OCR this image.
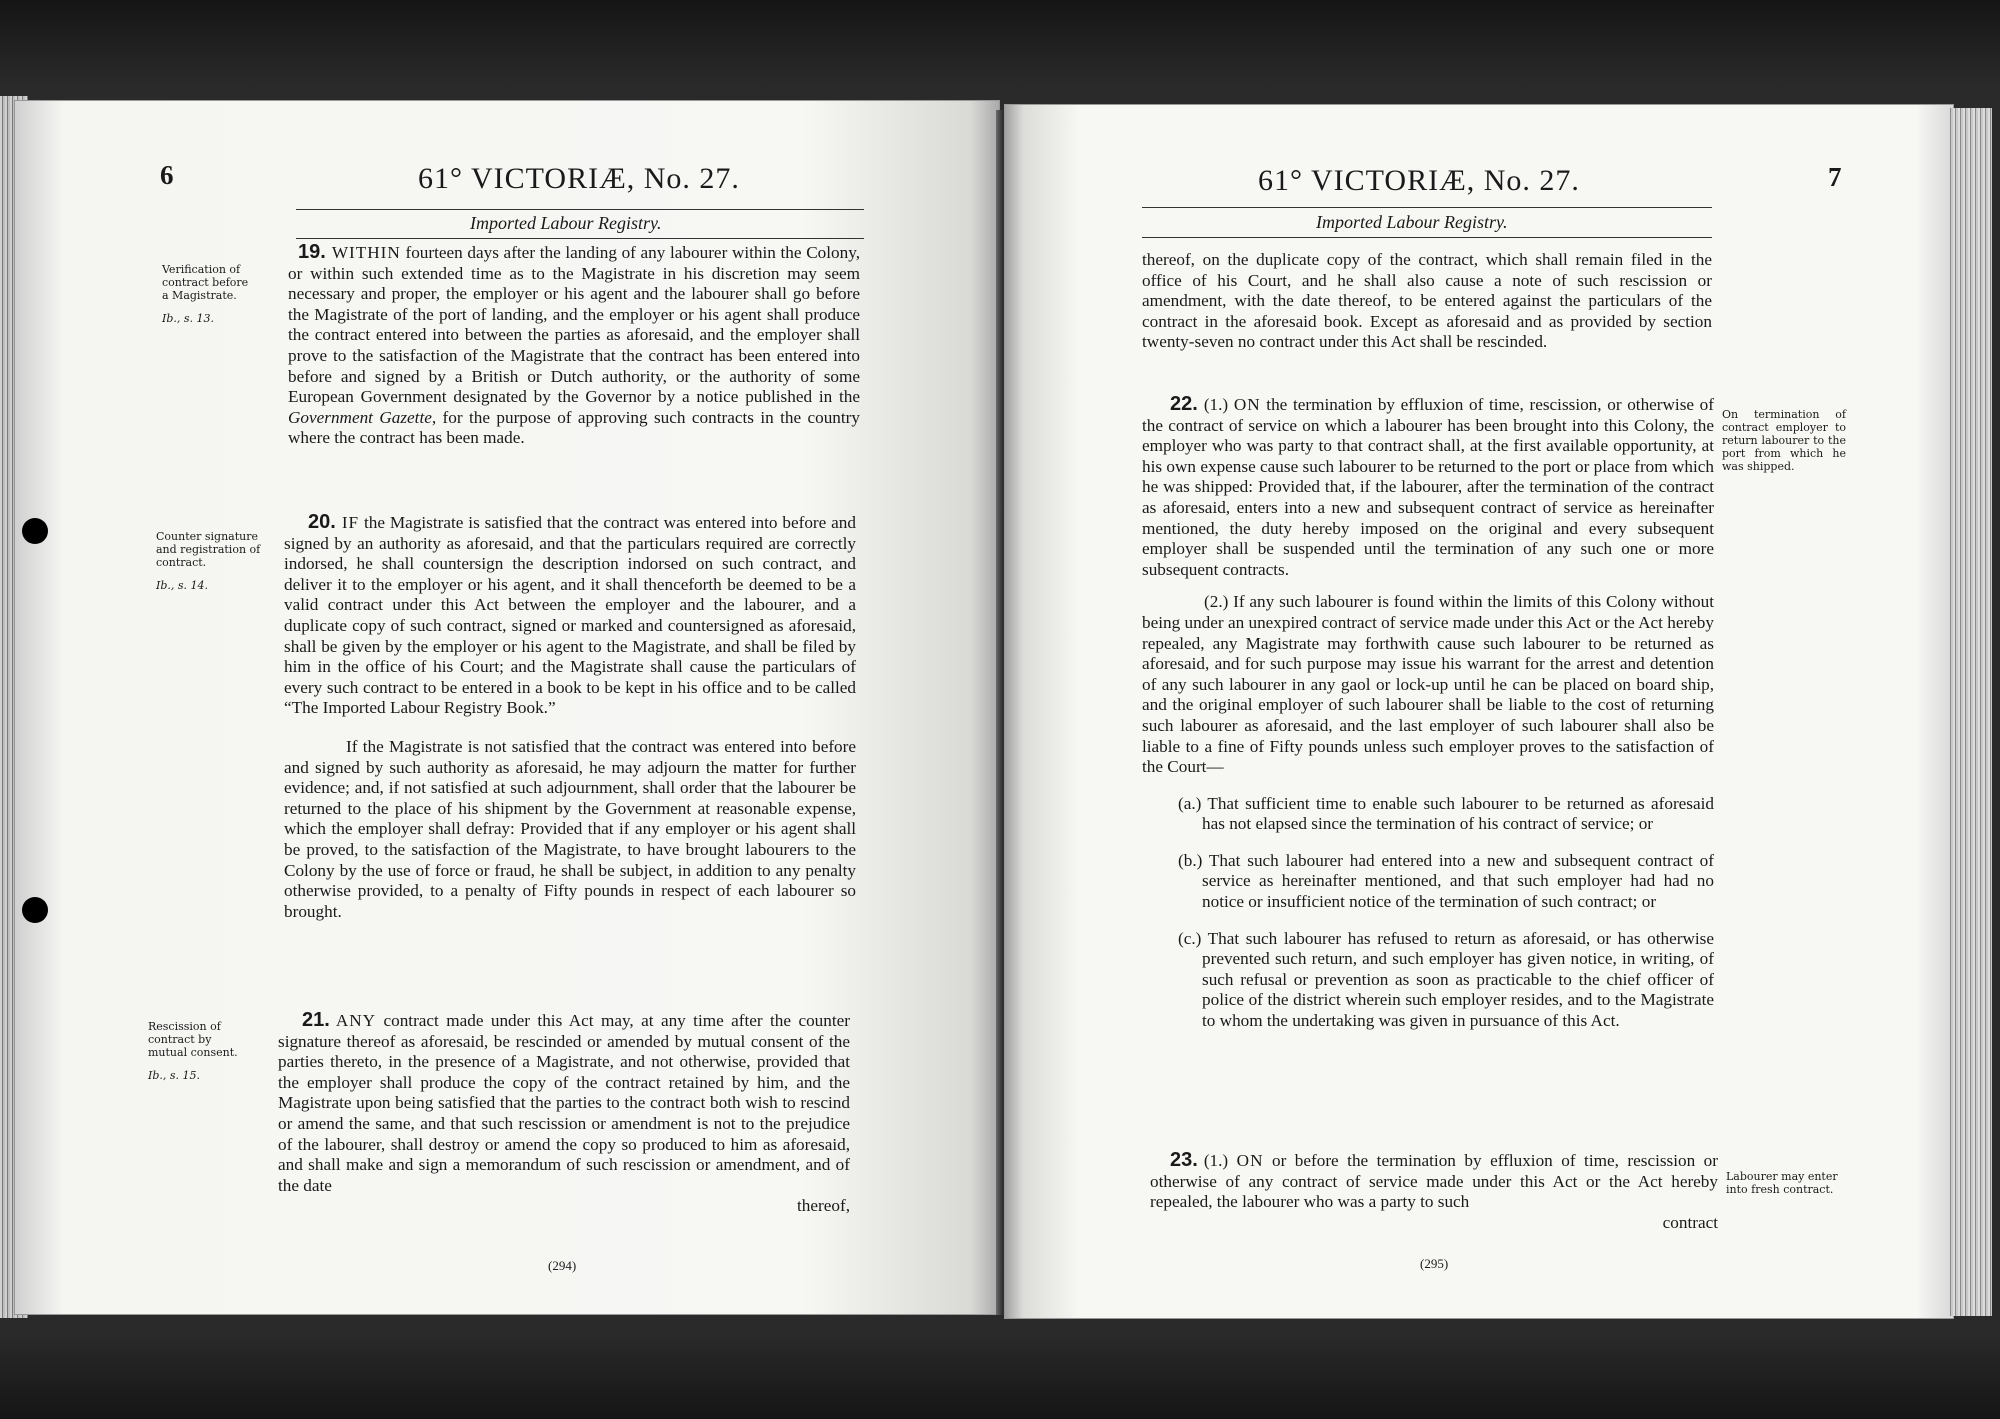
6	61° VICTORIÆ, No. 27.
Imported Labour Registry.
Verification of contract before a Magistrate.
Ib., s. 13.
Counter signature and registration of contract.
Ib., s. 14.
Rescission of contract by mutual consent.
Ib., s. 15.

19. WITHIN fourteen days after the landing of any labourer within the Colony, or within such extended time as to the Magistrate in his discretion may seem necessary and proper, the employer or his agent and the labourer shall go before the Magistrate of the port of landing, and the employer or his agent shall produce the contract entered into between the parties as aforesaid, and the employer shall prove to the satisfaction of the Magistrate that the contract has been entered into before and signed by a British or Dutch authority, or the authority of some European Government designated by the Governor by a notice published in the Government Gazette, for the purpose of approving such contracts in the country where the contract has been made.

20. IF the Magistrate is satisfied that the contract was entered into before and signed by an authority as aforesaid, and that the particulars required are correctly indorsed, he shall countersign the description indorsed on such contract, and deliver it to the employer or his agent, and it shall thenceforth be deemed to be a valid contract under this Act between the employer and the labourer, and a duplicate copy of such contract, signed or marked and countersigned as aforesaid, shall be given by the employer or his agent to the Magistrate, and shall be filed by him in the office of his Court; and the Magistrate shall cause the particulars of every such contract to be entered in a book to be kept in his office and to be called “The Imported Labour Registry Book.”

If the Magistrate is not satisfied that the contract was entered into before and signed by such authority as aforesaid, he may adjourn the matter for further evidence; and, if not satisfied at such adjournment, shall order that the labourer be returned to the place of his shipment by the Government at reasonable expense, which the employer shall defray: Provided that if any employer or his agent shall be proved, to the satisfaction of the Magistrate, to have brought labourers to the Colony by the use of force or fraud, he shall be subject, in addition to any penalty otherwise provided, to a penalty of Fifty pounds in respect of each labourer so brought.

21. ANY contract made under this Act may, at any time after the counter signature thereof as aforesaid, be rescinded or amended by mutual consent of the parties thereto, in the presence of a Magistrate, and not otherwise, provided that the employer shall produce the copy of the contract retained by him, and the Magistrate upon being satisfied that the parties to the contract both wish to rescind or amend the same, and that such rescission or amendment is not to the prejudice of the labourer, shall destroy or amend the copy so produced to him as aforesaid, and shall make and sign a memorandum of such rescission or amendment, and of the date

thereof,

(294)
61° VICTORIÆ, No. 27.	7
Imported Labour Registry.

thereof, on the duplicate copy of the contract, which shall remain filed in the office of his Court, and he shall also cause a note of such rescission or amendment, with the date thereof, to be entered against the particulars of the contract in the aforesaid book. Except as aforesaid and as provided by section twenty-seven no contract under this Act shall be rescinded.

On termination of contract employer to return labourer to the port from which he was shipped.

22. (1.) ON the termination by effluxion of time, rescission, or otherwise of the contract of service on which a labourer has been brought into this Colony, the employer who was party to that contract shall, at the first available opportunity, at his own expense cause such labourer to be returned to the port or place from which he was shipped: Provided that, if the labourer, after the termination of the contract as aforesaid, enters into a new and subsequent contract of service as hereinafter mentioned, the duty hereby imposed on the original and every subsequent employer shall be suspended until the termination of any such one or more subsequent contracts.

(2.) If any such labourer is found within the limits of this Colony without being under an unexpired contract of service made under this Act or the Act hereby repealed, any Magistrate may forthwith cause such labourer to be returned as aforesaid, and for such purpose may issue his warrant for the arrest and detention of any such labourer in any gaol or lock-up until he can be placed on board ship, and the original employer of such labourer shall be liable to the cost of returning such labourer as aforesaid, and the last employer of such labourer shall also be liable to a fine of Fifty pounds unless such employer proves to the satisfaction of the Court—

(a.) That sufficient time to enable such labourer to be returned as aforesaid has not elapsed since the termination of his contract of service; or

(b.) That such labourer had entered into a new and subsequent contract of service as hereinafter mentioned, and that such employer had had no notice or insufficient notice of the termination of such contract; or

(c.) That such labourer has refused to return as aforesaid, or has otherwise prevented such return, and such employer has given notice, in writing, of such refusal or prevention as soon as practicable to the chief officer of police of the district wherein such employer resides, and to the Magistrate to whom the undertaking was given in pursuance of this Act.

Labourer may enter into fresh contract.

23. (1.) ON or before the termination by effluxion of time, rescission or otherwise of any contract of service made under this Act or the Act hereby repealed, the labourer who was a party to such

contract

(295)
